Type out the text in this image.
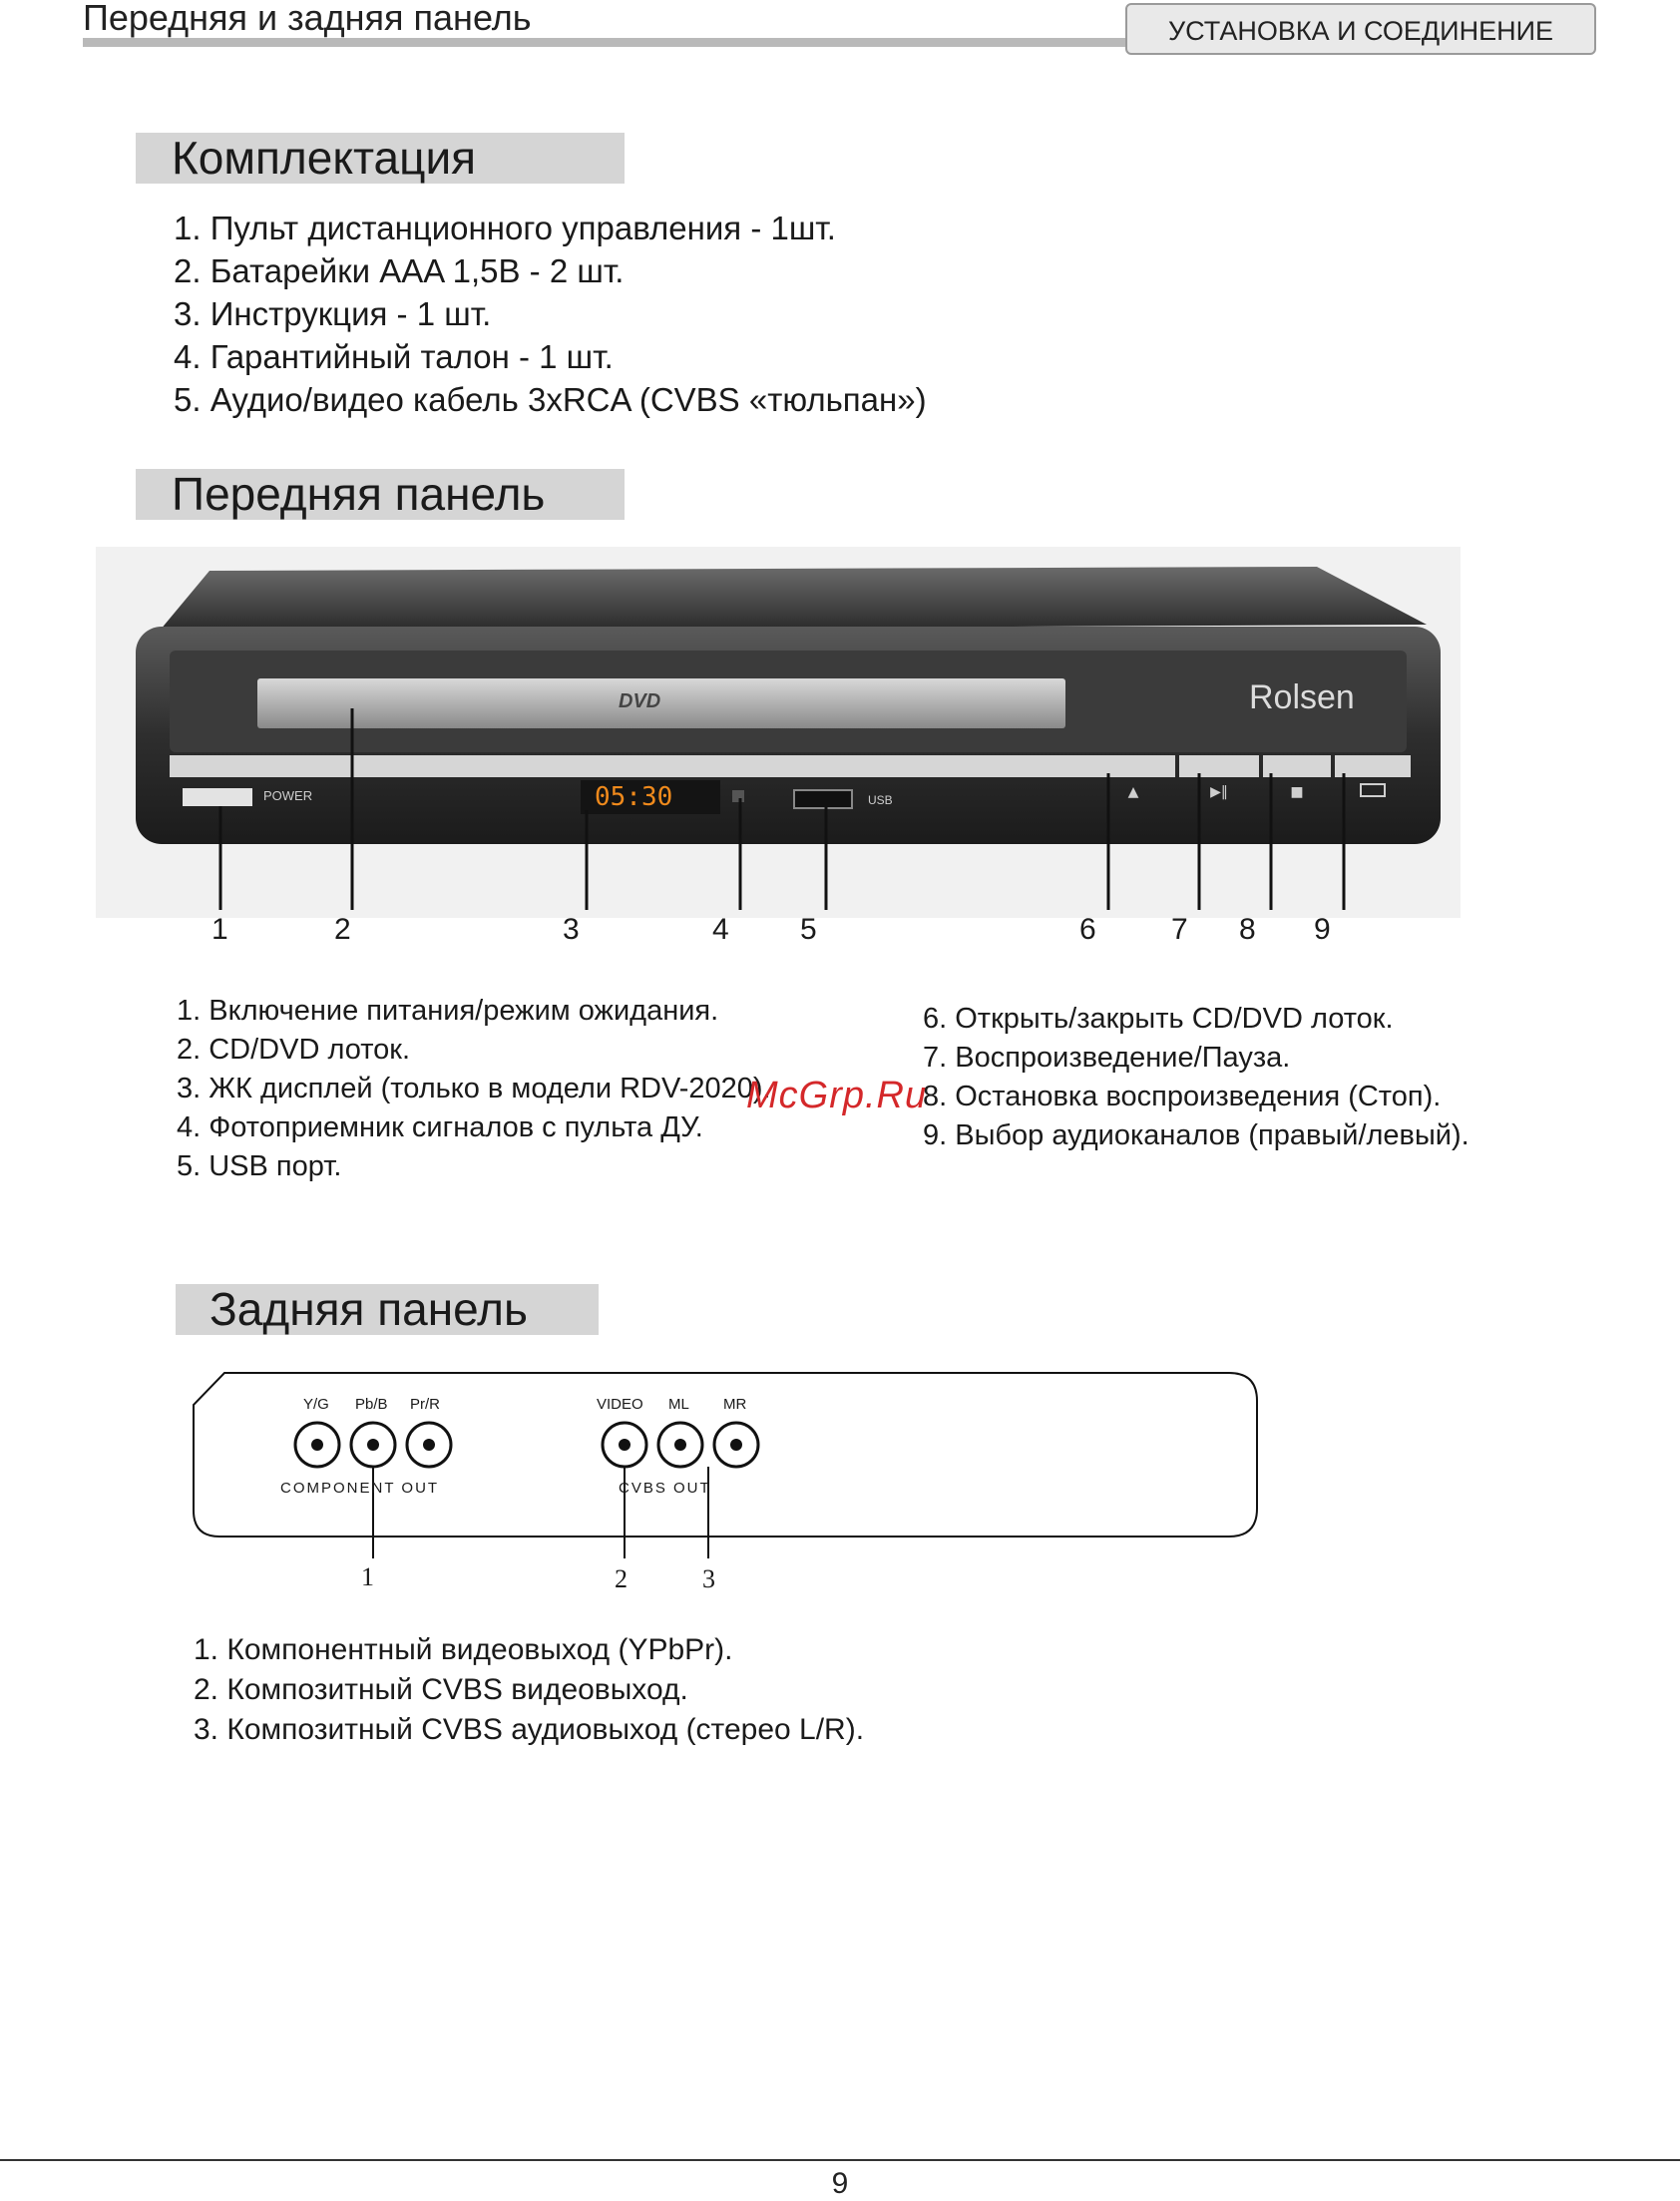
Передняя и задняя панель	УСТАНОВКА И СОЕДИНЕНИЕ
Комплектация
1. Пульт дистанционного управления - 1шт.
2. Батарейки AAA 1,5В - 2 шт.
3. Инструкция - 1 шт.
4. Гарантийный талон - 1 шт.
5. Аудио/видео кабель 3xRCA (CVBS «тюльпан»)
Передняя панель
▲	▶‖	■
DVD	Rolsen
POWER	05:30	USB
1	2	3	4 5	6	7 8 9
1. Включение питания/режим ожидания.
2. CD/DVD лоток.
3. ЖК дисплей (только в модели RDV-2020).
4. Фотоприемник сигналов с пульта ДУ.
5. USB порт.
6. Открыть/закрыть CD/DVD лоток.
7. Воспроизведение/Пауза.
8. Остановка воспроизведения (Стоп).
9. Выбор аудиоканалов (правый/левый).
McGrp.Ru
Задняя панель
Y/G Pb/B Pr/R
COMPONENT OUT
VIDEO ML MR
CVBS OUT
1	2	3
1. Компонентный видеовыход (YPbPr).
2. Композитный CVBS видеовыход.
3. Композитный CVBS аудиовыход (стерео L/R).
9
